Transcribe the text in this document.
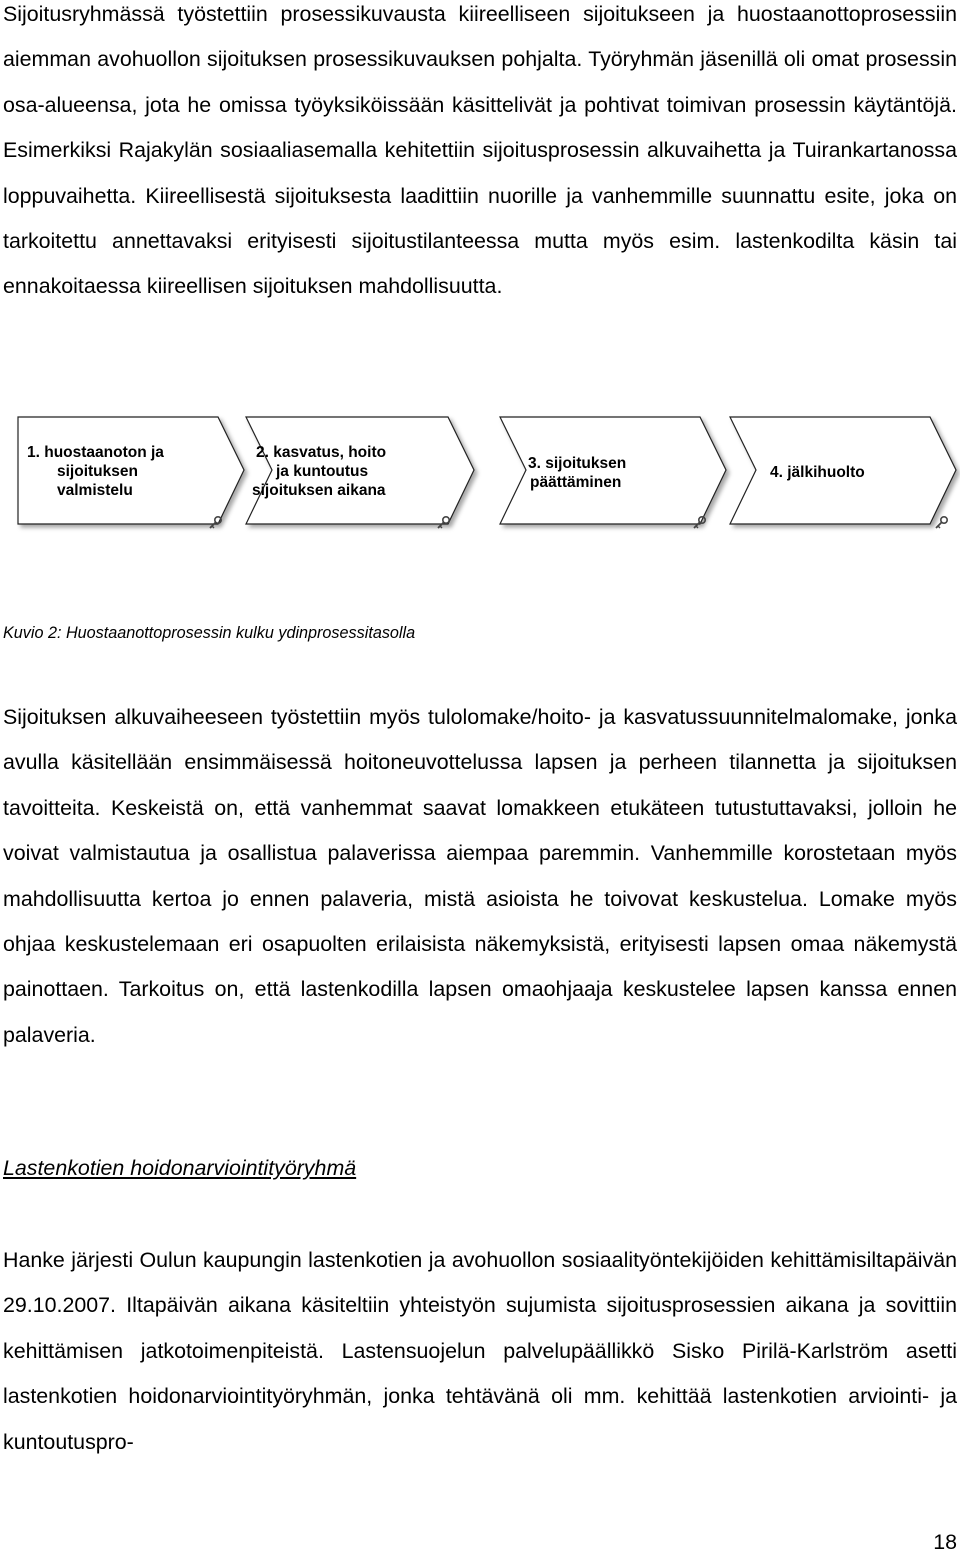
Sijoitusryhmässä työstettiin prosessikuvausta kiireelliseen sijoitukseen ja huostaanottoprosessiin aiemman avohuollon sijoituksen prosessikuvauksen pohjalta. Työryhmän jäsenillä oli omat prosessin osa-alueensa, jota he omissa työyksiköissään käsittelivät ja pohtivat toimivan prosessin käytäntöjä. Esimerkiksi Rajakylän sosiaaliasemalla kehitettiin sijoitusprosessin alkuvaihetta ja Tuirankartanossa loppuvaihetta. Kiireellisestä sijoituksesta laadittiin nuorille ja vanhemmille suunnattu esite, joka on tarkoitettu annettavaksi erityisesti sijoitustilanteessa mutta myös esim. lastenkodilta käsin tai ennakoitaessa kiireellisen sijoituksen mahdollisuutta.

1. huostaanoton ja
sijoituksen
valmistelu
2. kasvatus, hoito
ja kuntoutus
sijoituksen aikana
3. sijoituksen
päättäminen
4. jälkihuolto

Kuvio 2: Huostaanottoprosessin kulku ydinprosessitasolla

Sijoituksen alkuvaiheeseen työstettiin myös tulolomake/hoito- ja kasvatussuunnitelmalomake, jonka avulla käsitellään ensimmäisessä hoitoneuvottelussa lapsen ja perheen tilannetta ja sijoituksen tavoitteita. Keskeistä on, että vanhemmat saavat lomakkeen etukäteen tutustuttavaksi, jolloin he voivat valmistautua ja osallistua palaverissa aiempaa paremmin. Vanhemmille korostetaan myös mahdollisuutta kertoa jo ennen palaveria, mistä asioista he toivovat keskustelua. Lomake myös ohjaa keskustelemaan eri osapuolten erilaisista näkemyksistä, erityisesti lapsen omaa näkemystä painottaen. Tarkoitus on, että lastenkodilla lapsen omaohjaaja keskustelee lapsen kanssa ennen palaveria.

Lastenkotien hoidonarviointityöryhmä

Hanke järjesti Oulun kaupungin lastenkotien ja avohuollon sosiaalityöntekijöiden kehittämisiltapäivän 29.10.2007. Iltapäivän aikana käsiteltiin yhteistyön sujumista sijoitusprosessien aikana ja sovittiin kehittämisen jatkotoimenpiteistä. Lastensuojelun palvelupäällikkö Sisko Pirilä-Karlström asetti lastenkotien hoidonarviointityöryhmän, jonka tehtävänä oli mm. kehittää lastenkotien arviointi- ja kuntoutuspro-

18
